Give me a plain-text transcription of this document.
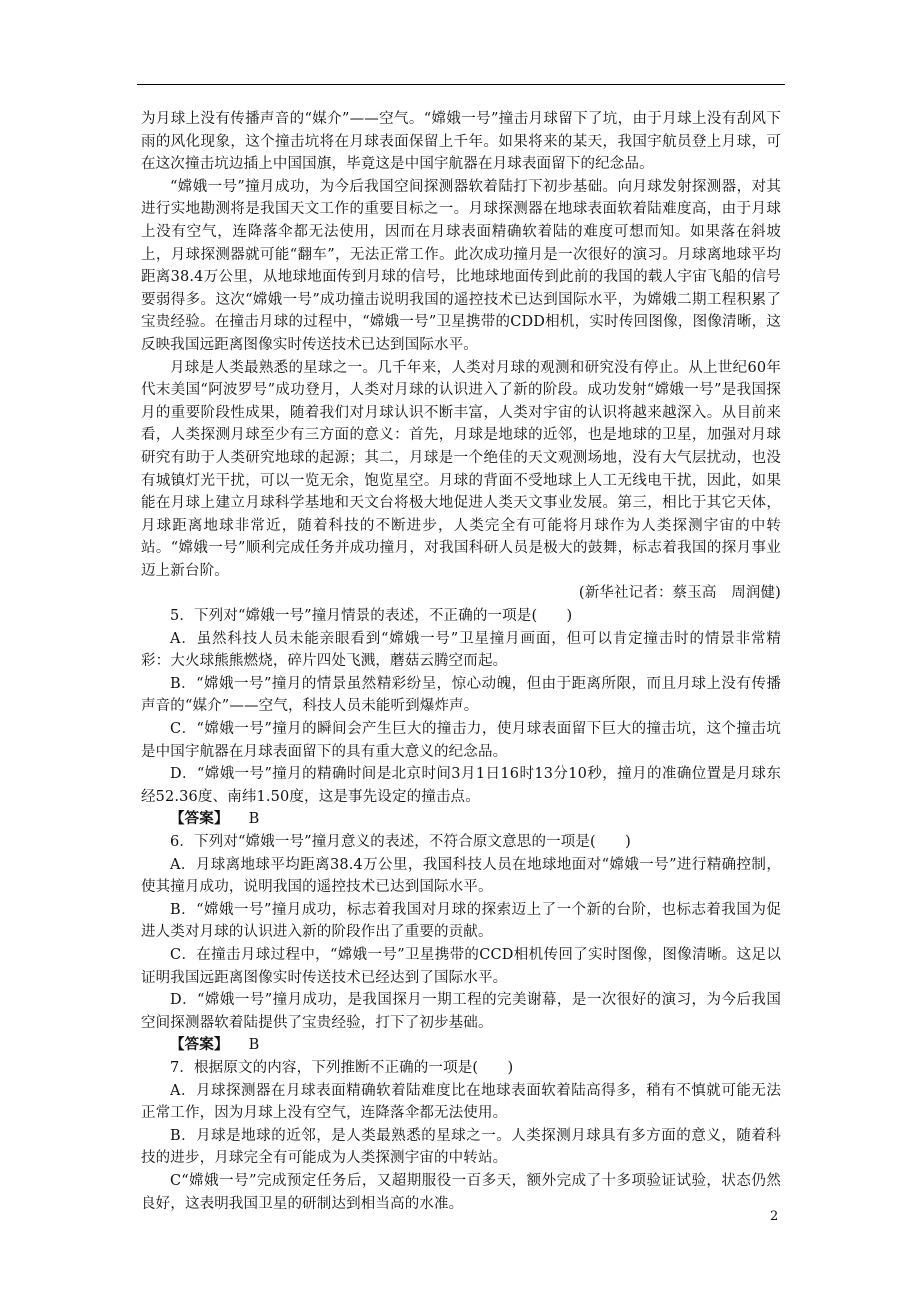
为月球上没有传播声音的“媒介”——空气。“嫦娥一号”撞击月球留下了坑，由于月球上没有刮风下雨的风化现象，这个撞击坑将在月球表面保留上千年。如果将来的某天，我国宇航员登上月球，可在这次撞击坑边插上中国国旗，毕竟这是中国宇航器在月球表面留下的纪念品。

“嫦娥一号”撞月成功，为今后我国空间探测器软着陆打下初步基础。向月球发射探测器，对其进行实地勘测将是我国天文工作的重要目标之一。月球探测器在地球表面软着陆难度高，由于月球上没有空气，连降落伞都无法使用，因而在月球表面精确软着陆的难度可想而知。如果落在斜坡上，月球探测器就可能“翻车”，无法正常工作。此次成功撞月是一次很好的演习。月球离地球平均距离38.4万公里，从地球地面传到月球的信号，比地球地面传到此前的我国的载人宇宙飞船的信号要弱得多。这次“嫦娥一号”成功撞击说明我国的遥控技术已达到国际水平，为嫦娥二期工程积累了宝贵经验。在撞击月球的过程中，“嫦娥一号”卫星携带的CDD相机，实时传回图像，图像清晰，这反映我国远距离图像实时传送技术已达到国际水平。

月球是人类最熟悉的星球之一。几千年来，人类对月球的观测和研究没有停止。从上世纪60年代末美国“阿波罗号”成功登月，人类对月球的认识进入了新的阶段。成功发射“嫦娥一号”是我国探月的重要阶段性成果，随着我们对月球认识不断丰富，人类对宇宙的认识将越来越深入。从目前来看，人类探测月球至少有三方面的意义：首先，月球是地球的近邻，也是地球的卫星，加强对月球研究有助于人类研究地球的起源；其二，月球是一个绝佳的天文观测场地，没有大气层扰动，也没有城镇灯光干扰，可以一览无余，饱览星空。月球的背面不受地球上人工无线电干扰，因此，如果能在月球上建立月球科学基地和天文台将极大地促进人类天文事业发展。第三，相比于其它天体，月球距离地球非常近，随着科技的不断进步，人类完全有可能将月球作为人类探测宇宙的中转站。“嫦娥一号”顺利完成任务并成功撞月，对我国科研人员是极大的鼓舞，标志着我国的探月事业迈上新台阶。

(新华社记者：蔡玉高　周润健)

5．下列对“嫦娥一号”撞月情景的表述，不正确的一项是(　　)

A．虽然科技人员未能亲眼看到“嫦娥一号”卫星撞月画面，但可以肯定撞击时的情景非常精彩：大火球熊熊燃烧，碎片四处飞溅，蘑菇云腾空而起。

B．“嫦娥一号”撞月的情景虽然精彩纷呈，惊心动魄，但由于距离所限，而且月球上没有传播声音的“媒介”——空气，科技人员未能听到爆炸声。

C．“嫦娥一号”撞月的瞬间会产生巨大的撞击力，使月球表面留下巨大的撞击坑，这个撞击坑是中国宇航器在月球表面留下的具有重大意义的纪念品。

D．“嫦娥一号”撞月的精确时间是北京时间3月1日16时13分10秒，撞月的准确位置是月球东经52.36度、南纬1.50度，这是事先设定的撞击点。

【答案】 B

6．下列对“嫦娥一号”撞月意义的表述，不符合原文意思的一项是(　　)

A．月球离地球平均距离38.4万公里，我国科技人员在地球地面对“嫦娥一号”进行精确控制，使其撞月成功，说明我国的遥控技术已达到国际水平。

B．“嫦娥一号”撞月成功，标志着我国对月球的探索迈上了一个新的台阶，也标志着我国为促进人类对月球的认识进入新的阶段作出了重要的贡献。

C．在撞击月球过程中，“嫦娥一号”卫星携带的CCD相机传回了实时图像，图像清晰。这足以证明我国远距离图像实时传送技术已经达到了国际水平。

D．“嫦娥一号”撞月成功，是我国探月一期工程的完美谢幕，是一次很好的演习，为今后我国空间探测器软着陆提供了宝贵经验，打下了初步基础。

【答案】 B

7．根据原文的内容，下列推断不正确的一项是(　　)

A．月球探测器在月球表面精确软着陆难度比在地球表面软着陆高得多，稍有不慎就可能无法正常工作，因为月球上没有空气，连降落伞都无法使用。

B．月球是地球的近邻，是人类最熟悉的星球之一。人类探测月球具有多方面的意义，随着科技的进步，月球完全有可能成为人类探测宇宙的中转站。

C“嫦娥一号”完成预定任务后，又超期服役一百多天，额外完成了十多项验证试验，状态仍然良好，这表明我国卫星的研制达到相当高的水准。

2
